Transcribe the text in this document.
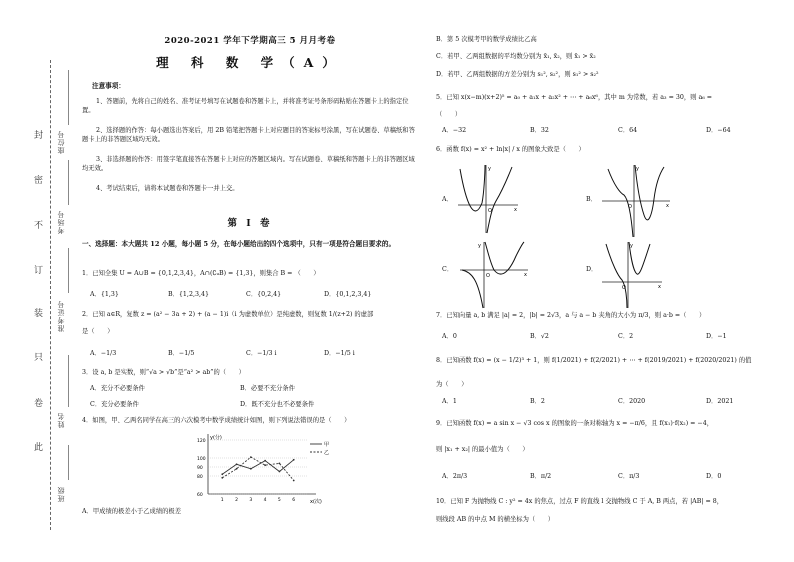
封
密
不
订
装
只
卷
此
座位号
考场号
准考证号
姓名
班级
2020-2021 学年下学期高三 5 月月考卷
理 科 数 学（A）
注意事项：
1、答题前，先将自己的姓名、准考证号填写在试题卷和答题卡上，并将准考证号条形码粘贴在答题卡上的指定位置。
2、选择题的作答：每小题选出答案后，用 2B 铅笔把答题卡上对应题目的答案标号涂黑，写在试题卷、草稿纸和答题卡上的非答题区域均无效。
3、非选择题的作答：用签字笔直接答在答题卡上对应的答题区域内。写在试题卷、草稿纸和答题卡上的非答题区域均无效。
4、考试结束后，请将本试题卷和答题卡一并上交。
第 I 卷
一、选择题：本大题共 12 小题，每小题 5 分，在每小题给出的四个选项中，只有一项是符合题目要求的。
1．已知全集 U = A∪B = {0,1,2,3,4}，A∩(∁ᵤB) = {1,3}，则集合 B = （　　）
A．{1,3}	B．{1,2,3,4}	C．{0,2,4}	D．{0,1,2,3,4}
2．已知 a∈R，复数 z = (a² − 3a + 2) + (a − 1)i（i 为虚数单位）是纯虚数，则复数 1/(z+2) 的虚部
是（　　）
A．−1/3	B．−1/5	C．−1/3 i	D．−1/5 i
3．设 a, b 是实数，则“√a > √b”是“a² > ab”的（　　）
A．充分不必要条件	B．必要不充分条件
C．充分必要条件	D．既不充分也不必要条件
4．如图，甲、乙两名同学在高三的六次模考中数学成绩统计如图，则下列说法错误的是（　　）
y(分)
x(次)
60
80
90
100
120
1	2	3	4	5	6
甲
乙
A．甲成绩的极差小于乙成绩的极差
B．第 5 次模考甲的数学成绩比乙高
C．若甲、乙两组数据的平均数分别为 x̄₁, x̄₂，则 x̄₁ > x̄₂
D．若甲、乙两组数据的方差分别为 s₁², s₂²，则 s₁² > s₂²
5．已知 x(x−m)(x+2)⁵ = a₀ + a₁x + a₂x² + ⋯ + a₆x⁶，其中 m 为常数，若 a₃ = 30，则 a₆ =
（　　）
A．−32	B．32	C．64	D．−64
6．函数 f(x) = x² + ln|x| / x 的图象大致是（　　）
A．
O	x
y
B．
O	x
y
C．
O	x
y
D．
O	x
y
7．已知向量 a, b 满足 |a| = 2，|b| = 2√3，a 与 a − b 夹角的大小为 π/3，则 a·b =（　　）
A．0	B．√2	C．2	D．−1
8．已知函数 f(x) = (x − 1/2)³ + 1，则 f(1/2021) + f(2/2021) + ⋯ + f(2019/2021) + f(2020/2021) 的值
为（　　）
A．1	B．2	C．2020	D．2021
9．已知函数 f(x) = a sin x − √3 cos x 的图象的一条对称轴为 x = −π/6，且 f(x₁)·f(x₂) = −4，
则 |x₁ + x₂| 的最小值为（　　）
A．2π/3	B．π/2	C．π/3	D．0
10．已知 F 为抛物线 C : y² = 4x 的焦点，过点 F 的直线 l 交抛物线 C 于 A, B 两点，若 |AB| = 8，
则线段 AB 的中点 M 的横坐标为（　　）
